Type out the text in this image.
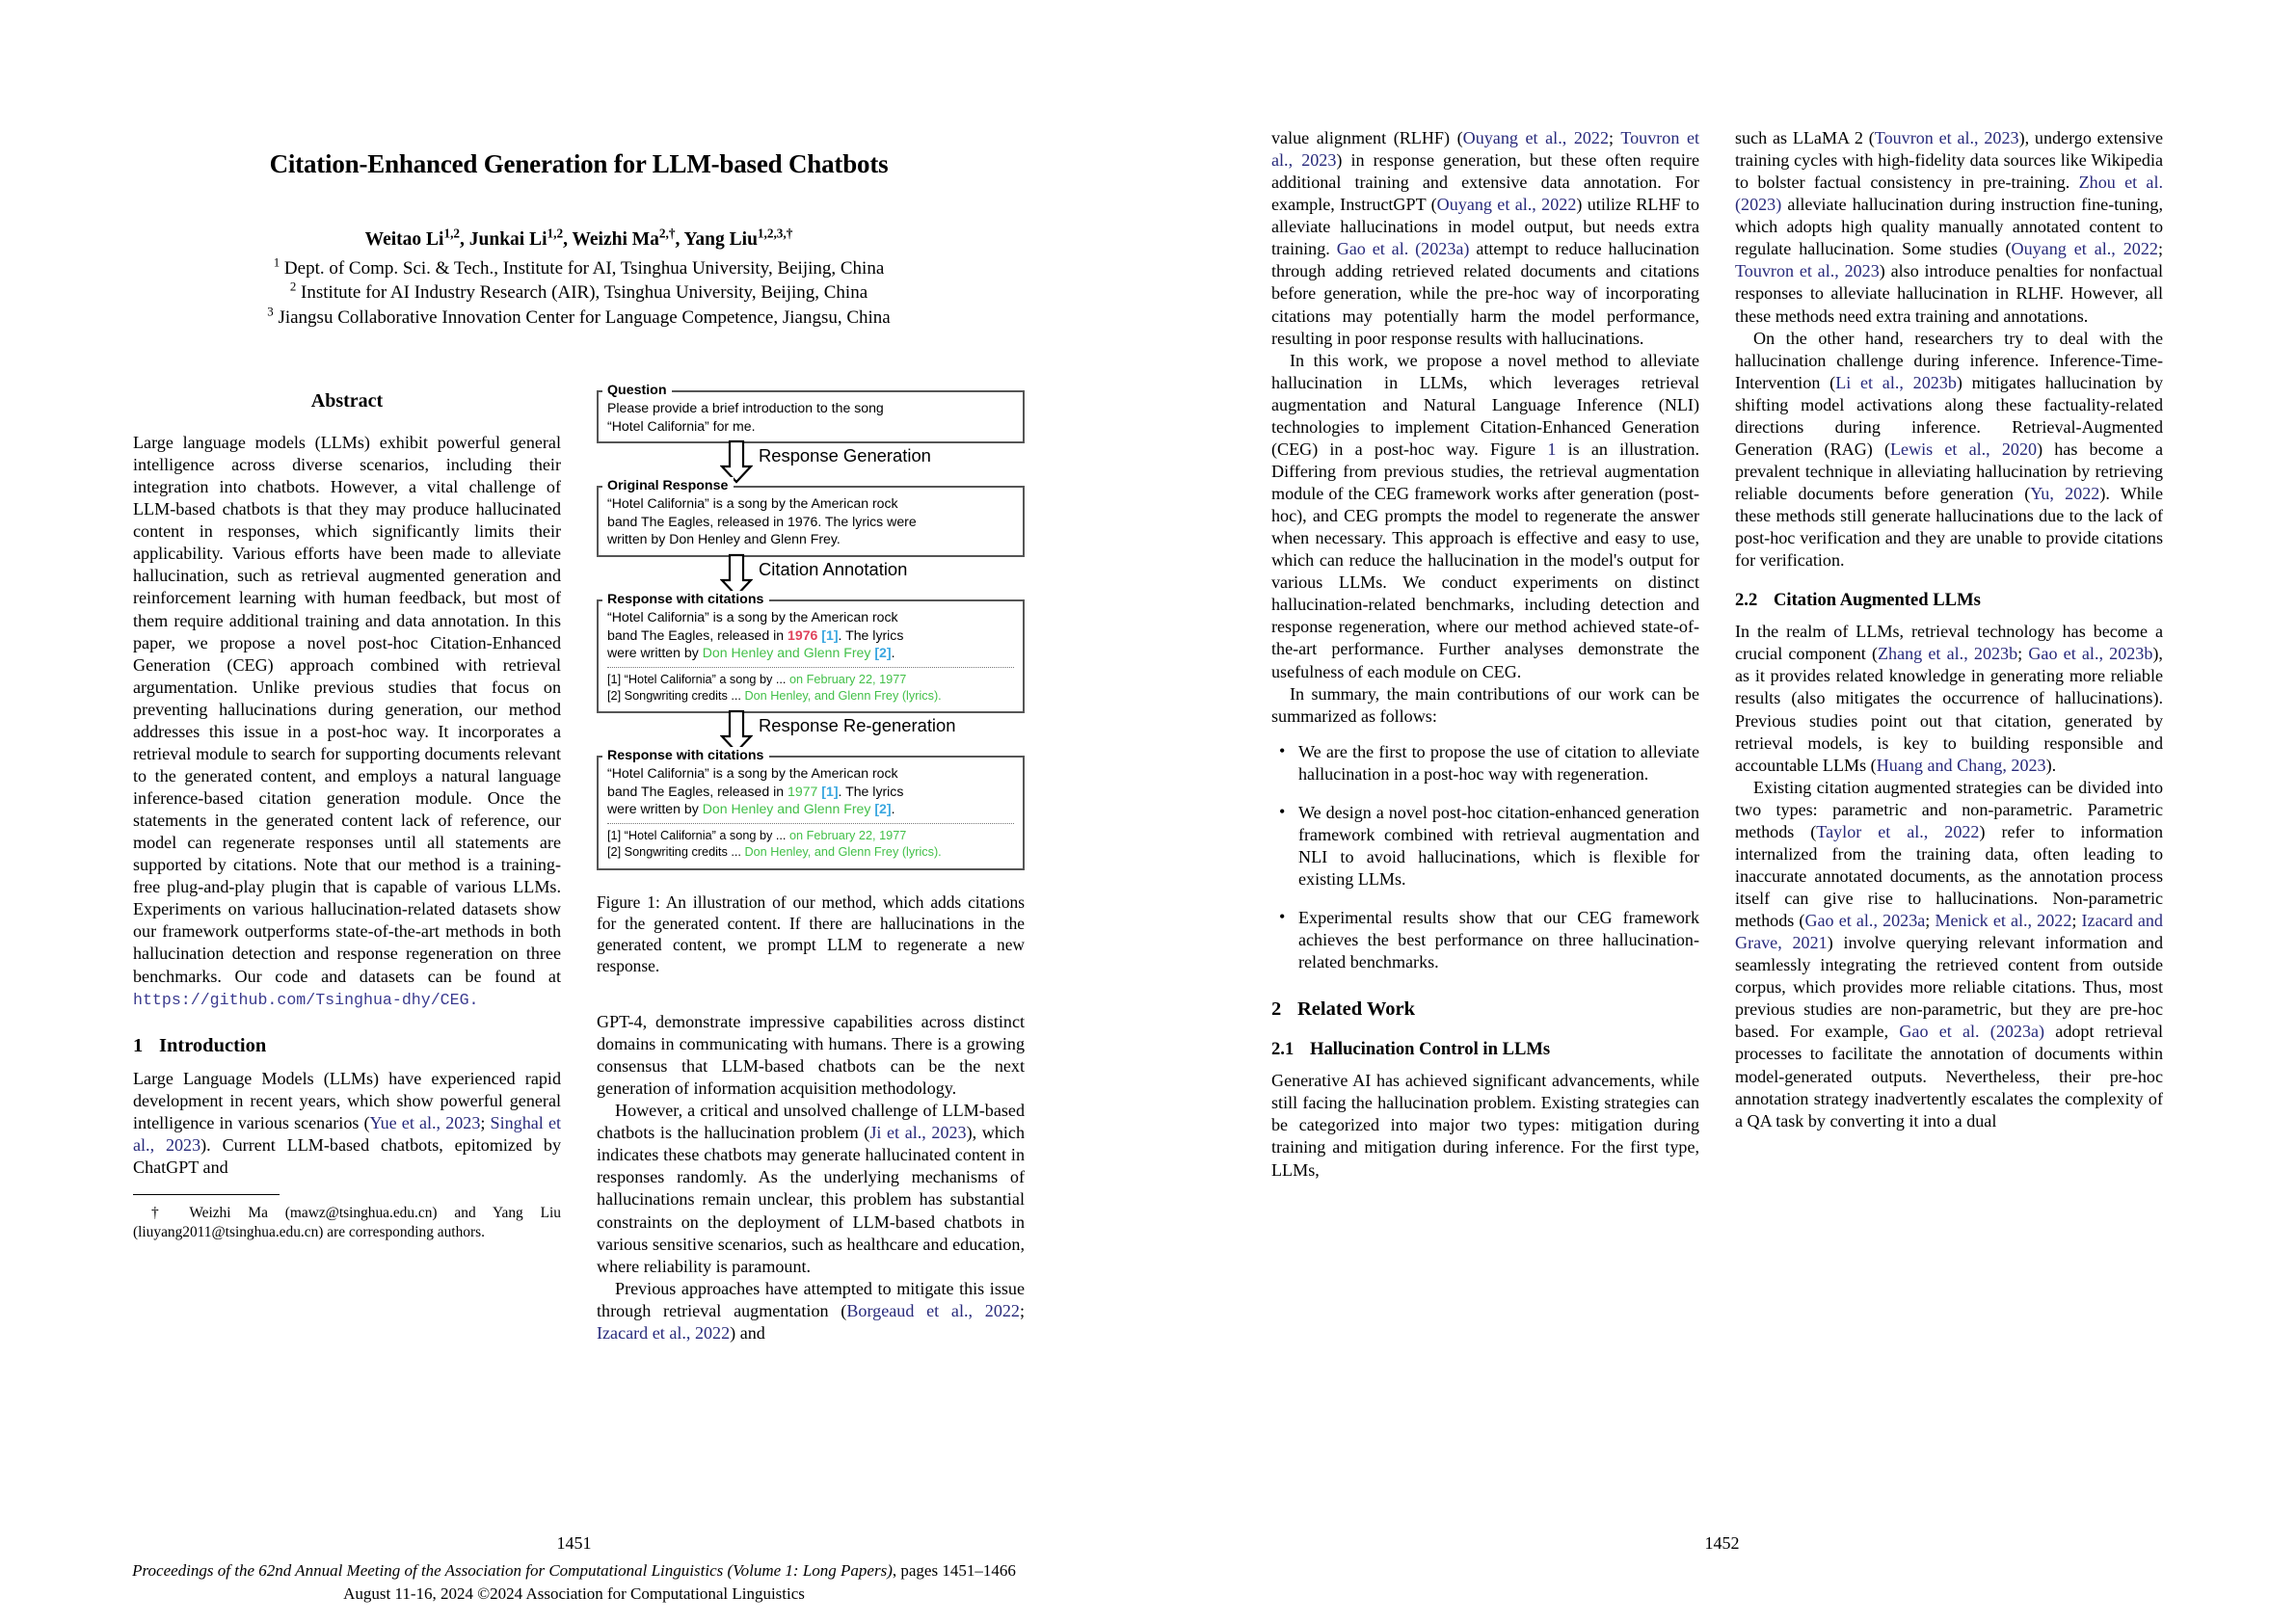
Citation-Enhanced Generation for LLM-based Chatbots
Weitao Li$^{1,2}$, Junkai Li$^{1,2}$, Weizhi $Ma^{2,\dagger}$, Yang Liu$^{1,2,3,\dagger}$
$^1$ Dept. of Comp. Sci. & Tech., Institute for AI, Tsinghua University, Beijing, China
$^2$ Institute for AI Industry Research (AIR), Tsinghua University, Beijing, China
$^3$ Jiangsu Collaborative Innovation Center for Language Competence, Jiangsu, China
Abstract

Large language models (LLMs) exhibit powerful general intelligence across diverse scenarios, including their integration into chatbots. However, a vital challenge of LLM-based chatbots is that they may produce hallucinated content in responses, which significantly limits their applicability. Various efforts have been made to alleviate hallucination, such as retrieval augmented generation and reinforcement learning with human feedback, but most of them require additional training and data annotation. In this paper, we propose a novel post-hoc Citation-Enhanced Generation (CEG) approach combined with retrieval argumentation. Unlike previous studies that focus on preventing hallucinations during generation, our method addresses this issue in a post-hoc way. It incorporates a retrieval module to search for supporting documents relevant to the generated content, and employs a natural language inference-based citation generation module. Once the statements in the generated content lack of reference, our model can regenerate responses until all statements are supported by citations. Note that our method is a training-free plug-and-play plugin that is capable of various LLMs. Experiments on various hallucination-related datasets show our framework outperforms state-of-the-art methods in both hallucination detection and response regeneration on three benchmarks. Our code and datasets can be found at https://github.com/Tsinghua-dhy/CEG.

1 Introduction

Large Language Models (LLMs) have experienced rapid development in recent years, which show powerful general intelligence in various scenarios (Yue et al., 2023; Singhal et al., 2023). Current LLM-based chatbots, epitomized by ChatGPT and

† Weizhi Ma (mawz@tsinghua.edu.cn) and Yang Liu (liuyang2011@tsinghua.edu.cn) are corresponding authors.

Question
Please provide a brief introduction to the song
“Hotel California” for me.
Response Generation
Original Response
“Hotel California” is a song by the American rock
band The Eagles, released in 1976. The lyrics were
written by Don Henley and Glenn Frey.
Citation Annotation
Response with citations
“Hotel California” is a song by the American rock
band The Eagles, released in 1976 [1]. The lyrics
were written by Don Henley and Glenn Frey [2].
[1] “Hotel California” a song by ... on February 22, 1977
[2] Songwriting credits ... Don Henley, and Glenn Frey (lyrics).
Response Re-generation
Response with citations
“Hotel California” is a song by the American rock
band The Eagles, released in 1977 [1]. The lyrics
were written by Don Henley and Glenn Frey [2].
[1] “Hotel California” a song by ... on February 22, 1977
[2] Songwriting credits ... Don Henley, and Glenn Frey (lyrics).

Figure 1: An illustration of our method, which adds citations for the generated content. If there are hallucinations in the generated content, we prompt LLM to regenerate a new response.

GPT-4, demonstrate impressive capabilities across distinct domains in communicating with humans. There is a growing consensus that LLM-based chatbots can be the next generation of information acquisition methodology.

However, a critical and unsolved challenge of LLM-based chatbots is the hallucination problem (Ji et al., 2023), which indicates these chatbots may generate hallucinated content in responses randomly. As the underlying mechanisms of hallucinations remain unclear, this problem has substantial constraints on the deployment of LLM-based chatbots in various sensitive scenarios, such as healthcare and education, where reliability is paramount.

Previous approaches have attempted to mitigate this issue through retrieval augmentation (Borgeaud et al., 2022; Izacard et al., 2022) and

1451
Proceedings of the 62nd Annual Meeting of the Association for Computational Linguistics (Volume 1: Long Papers), pages 1451–1466
August 11-16, 2024 ©2024 Association for Computational Linguistics

value alignment (RLHF) (Ouyang et al., 2022; Touvron et al., 2023) in response generation, but these often require additional training and extensive data annotation. For example, InstructGPT (Ouyang et al., 2022) utilize RLHF to alleviate hallucinations in model output, but needs extra training. Gao et al. (2023a) attempt to reduce hallucination through adding retrieved related documents and citations before generation, while the pre-hoc way of incorporating citations may potentially harm the model performance, resulting in poor response results with hallucinations.

In this work, we propose a novel method to alleviate hallucination in LLMs, which leverages retrieval augmentation and Natural Language Inference (NLI) technologies to implement Citation-Enhanced Generation (CEG) in a post-hoc way. Figure 1 is an illustration. Differing from previous studies, the retrieval augmentation module of the CEG framework works after generation (post-hoc), and CEG prompts the model to regenerate the answer when necessary. This approach is effective and easy to use, which can reduce the hallucination in the model's output for various LLMs. We conduct experiments on distinct hallucination-related benchmarks, including detection and response regeneration, where our method achieved state-of-the-art performance. Further analyses demonstrate the usefulness of each module on CEG.

In summary, the main contributions of our work can be summarized as follows:

• We are the first to propose the use of citation to alleviate hallucination in a post-hoc way with regeneration.
• We design a novel post-hoc citation-enhanced generation framework combined with retrieval augmentation and NLI to avoid hallucinations, which is flexible for existing LLMs.
• Experimental results show that our CEG framework achieves the best performance on three hallucination-related benchmarks.
2 Related Work
2.1 Hallucination Control in LLMs

Generative AI has achieved significant advancements, while still facing the hallucination problem. Existing strategies can be categorized into major two types: mitigation during training and mitigation during inference. For the first type, LLMs,

such as LLaMA 2 (Touvron et al., 2023), undergo extensive training cycles with high-fidelity data sources like Wikipedia to bolster factual consistency in pre-training. Zhou et al. (2023) alleviate hallucination during instruction fine-tuning, which adopts high quality manually annotated content to regulate hallucination. Some studies (Ouyang et al., 2022; Touvron et al., 2023) also introduce penalties for nonfactual responses to alleviate hallucination in RLHF. However, all these methods need extra training and annotations.

On the other hand, researchers try to deal with the hallucination challenge during inference. Inference-Time-Intervention (Li et al., 2023b) mitigates hallucination by shifting model activations along these factuality-related directions during inference. Retrieval-Augmented Generation (RAG) (Lewis et al., 2020) has become a prevalent technique in alleviating hallucination by retrieving reliable documents before generation (Yu, 2022). While these methods still generate hallucinations due to the lack of post-hoc verification and they are unable to provide citations for verification.

2.2 Citation Augmented LLMs

In the realm of LLMs, retrieval technology has become a crucial component (Zhang et al., 2023b; Gao et al., 2023b), as it provides related knowledge in generating more reliable results (also mitigates the occurrence of hallucinations). Previous studies point out that citation, generated by retrieval models, is key to building responsible and accountable LLMs (Huang and Chang, 2023).

Existing citation augmented strategies can be divided into two types: parametric and non-parametric. Parametric methods (Taylor et al., 2022) refer to information internalized from the training data, often leading to inaccurate annotated documents, as the annotation process itself can give rise to hallucinations. Non-parametric methods (Gao et al., 2023a; Menick et al., 2022; Izacard and Grave, 2021) involve querying relevant information and seamlessly integrating the retrieved content from outside corpus, which provides more reliable citations. Thus, most previous studies are non-parametric, but they are pre-hoc based. For example, Gao et al. (2023a) adopt retrieval processes to facilitate the annotation of documents within model-generated outputs. Nevertheless, their pre-hoc annotation strategy inadvertently escalates the complexity of a QA task by converting it into a dual

1452
